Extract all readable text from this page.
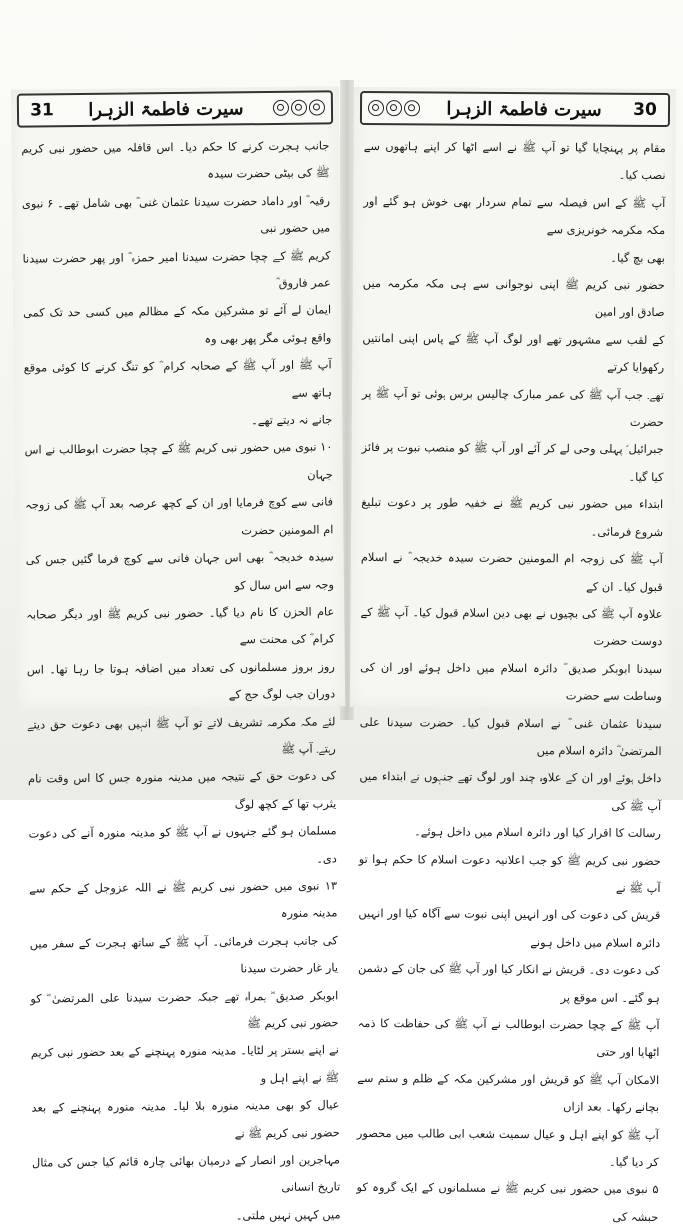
31	سیرت فاطمۃ الزہرا

جانب ہجرت کرنے کا حکم دیا۔ اس قافلہ میں حضور نبی کریم ﷺ کی بیٹی حضرت سیدہ

رقیہ ؓ اور داماد حضرت سیدنا عثمان غنی ؓ بھی شامل تھے۔ ۶ نبوی میں حضور نبی

کریم ﷺ کے چچا حضرت سیدنا امیر حمزہ ؓ اور پھر حضرت سیدنا عمر فاروق ؓ

ایمان لے آئے تو مشرکین مکہ کے مظالم میں کسی حد تک کمی واقع ہوئی مگر پھر بھی وہ

آپ ﷺ اور آپ ﷺ کے صحابہ کرام ؓ کو تنگ کرنے کا کوئی موقع ہاتھ سے

جانے نہ دیتے تھے۔

۱۰ نبوی میں حضور نبی کریم ﷺ کے چچا حضرت ابوطالب نے اس جہان

فانی سے کوچ فرمایا اور ان کے کچھ عرصہ بعد آپ ﷺ کی زوجہ ام المومنین حضرت

سیدہ خدیجہ ؓ بھی اس جہان فانی سے کوچ فرما گئیں جس کی وجہ سے اس سال کو

عام الحزن کا نام دیا گیا۔ حضور نبی کریم ﷺ اور دیگر صحابہ کرام ؓ کی محنت سے

روز بروز مسلمانوں کی تعداد میں اضافہ ہوتا جا رہا تھا۔ اس دوران جب لوگ حج کے

لئے مکہ مکرمہ تشریف لاتے تو آپ ﷺ انہیں بھی دعوت حق دیتے رہتے۔ آپ ﷺ

کی دعوت حق کے نتیجہ میں مدینہ منورہ جس کا اس وقت نام یثرب تھا کے کچھ لوگ

مسلمان ہو گئے جنہوں نے آپ ﷺ کو مدینہ منورہ آنے کی دعوت دی۔

۱۳ نبوی میں حضور نبی کریم ﷺ نے اللہ عزوجل کے حکم سے مدینہ منورہ

کی جانب ہجرت فرمائی۔ آپ ﷺ کے ساتھ ہجرت کے سفر میں یار غار حضرت سیدنا

ابوبکر صدیق ؓ ہمراہ تھے جبکہ حضرت سیدنا علی المرتضیٰ ؓ کو حضور نبی کریم ﷺ

نے اپنے بستر پر لٹایا۔ مدینہ منورہ پہنچنے کے بعد حضور نبی کریم ﷺ نے اپنے اہل و

عیال کو بھی مدینہ منورہ بلا لیا۔ مدینہ منورہ پہنچنے کے بعد حضور نبی کریم ﷺ نے

مہاجرین اور انصار کے درمیان بھائی چارہ قائم کیا جس کی مثال تاریخ انسانی

میں کہیں نہیں ملتی۔

سیرت فاطمۃ الزہرا	30

مقام پر پہنچایا گیا تو آپ ﷺ نے اسے اٹھا کر اپنے ہاتھوں سے نصب کیا۔

آپ ﷺ کے اس فیصلہ سے تمام سردار بھی خوش ہو گئے اور مکہ مکرمہ خونریزی سے

بھی بچ گیا۔

حضور نبی کریم ﷺ اپنی نوجوانی سے ہی مکہ مکرمہ میں صادق اور امین

کے لقب سے مشہور تھے اور لوگ آپ ﷺ کے پاس اپنی امانتیں رکھوایا کرتے

تھے۔ جب آپ ﷺ کی عمر مبارک چالیس برس ہوئی تو آپ ﷺ پر حضرت

جبرائیل ؑ پہلی وحی لے کر آئے اور آپ ﷺ کو منصب نبوت پر فائز کیا گیا۔

ابتداء میں حضور نبی کریم ﷺ نے خفیہ طور پر دعوت تبلیغ شروع فرمائی۔

آپ ﷺ کی زوجہ ام المومنین حضرت سیدہ خدیجہ ؓ نے اسلام قبول کیا۔ ان کے

علاوہ آپ ﷺ کی بچیوں نے بھی دین اسلام قبول کیا۔ آپ ﷺ کے دوست حضرت

سیدنا ابوبکر صدیق ؓ دائرہ اسلام میں داخل ہوئے اور ان کی وساطت سے حضرت

سیدنا عثمان غنی ؓ نے اسلام قبول کیا۔ حضرت سیدنا علی المرتضیٰ ؓ دائرہ اسلام میں

داخل ہوئے اور ان کے علاوہ چند اور لوگ تھے جنہوں نے ابتداء میں آپ ﷺ کی

رسالت کا اقرار کیا اور دائرہ اسلام میں داخل ہوئے۔

حضور نبی کریم ﷺ کو جب اعلانیہ دعوت اسلام کا حکم ہوا تو آپ ﷺ نے

قریش کی دعوت کی اور انہیں اپنی نبوت سے آگاہ کیا اور انہیں دائرہ اسلام میں داخل ہونے

کی دعوت دی۔ قریش نے انکار کیا اور آپ ﷺ کی جان کے دشمن ہو گئے۔ اس موقع پر

آپ ﷺ کے چچا حضرت ابوطالب نے آپ ﷺ کی حفاظت کا ذمہ اٹھایا اور حتی

الامکان آپ ﷺ کو قریش اور مشرکین مکہ کے ظلم و ستم سے بچانے رکھا۔ بعد ازاں

آپ ﷺ کو اپنے اہل و عیال سمیت شعب ابی طالب میں محصور کر دیا گیا۔

۵ نبوی میں حضور نبی کریم ﷺ نے مسلمانوں کے ایک گروہ کو حبشہ کی
